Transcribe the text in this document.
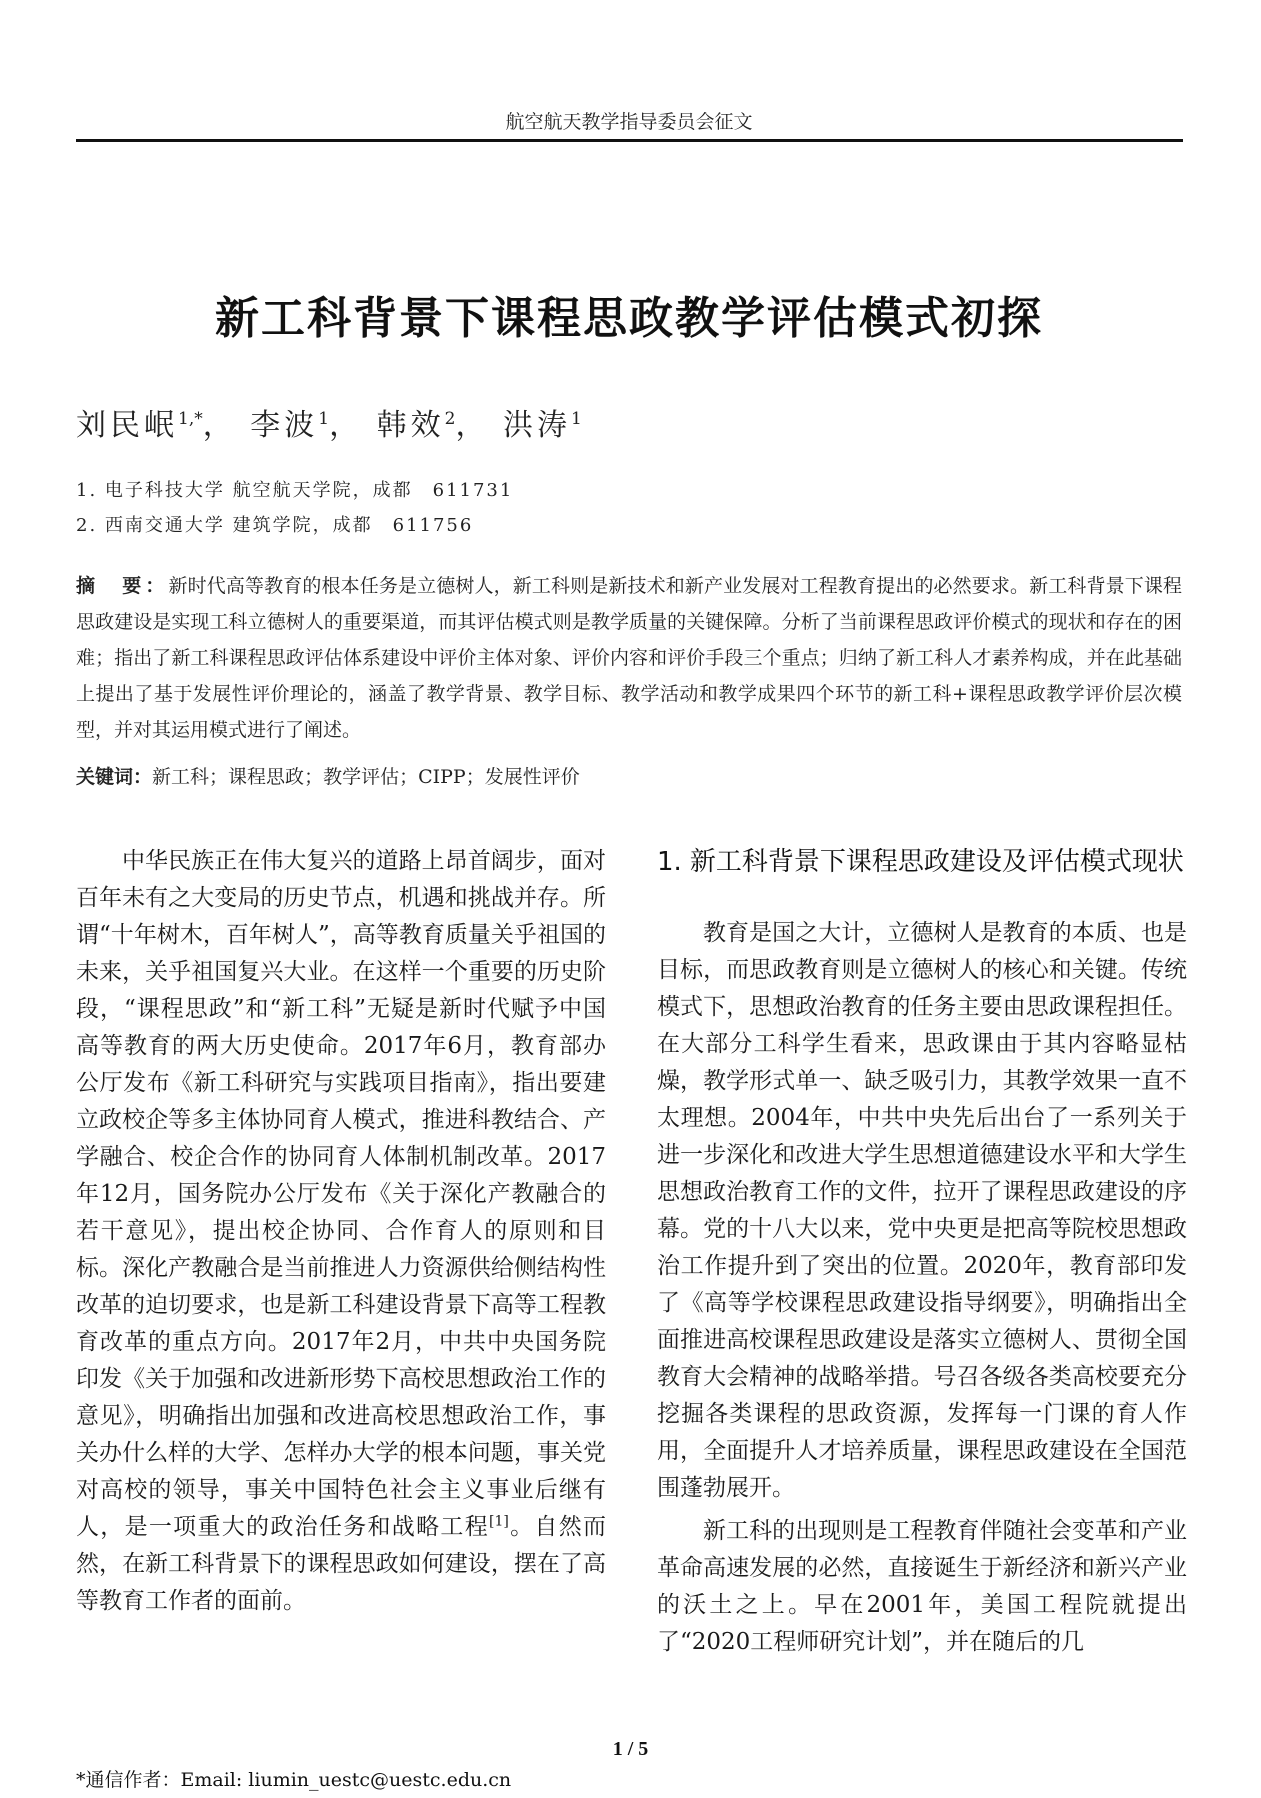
航空航天教学指导委员会征文
新工科背景下课程思政教学评估模式初探
刘民岷$^{1,*}$， 李波$^1$， 韩效$^2$， 洪涛$^1$
1. 电子科技大学 航空航天学院，成都　611731
2. 西南交通大学 建筑学院，成都　611756
摘　要：新时代高等教育的根本任务是立德树人，新工科则是新技术和新产业发展对工程教育提出的必然要求。新工科背景下课程思政建设是实现工科立德树人的重要渠道，而其评估模式则是教学质量的关键保障。分析了当前课程思政评价模式的现状和存在的困难；指出了新工科课程思政评估体系建设中评价主体对象、评价内容和评价手段三个重点；归纳了新工科人才素养构成，并在此基础上提出了基于发展性评价理论的，涵盖了教学背景、教学目标、教学活动和教学成果四个环节的新工科+课程思政教学评价层次模型，并对其运用模式进行了阐述。
关键词：新工科；课程思政；教学评估；CIPP；发展性评价

中华民族正在伟大复兴的道路上昂首阔步，面对百年未有之大变局的历史节点，机遇和挑战并存。所谓“十年树木，百年树人”，高等教育质量关乎祖国的未来，关乎祖国复兴大业。在这样一个重要的历史阶段，“课程思政”和“新工科”无疑是新时代赋予中国高等教育的两大历史使命。2017年6月，教育部办公厅发布《新工科研究与实践项目指南》，指出要建立政校企等多主体协同育人模式，推进科教结合、产学融合、校企合作的协同育人体制机制改革。2017年12月，国务院办公厅发布《关于深化产教融合的若干意见》，提出校企协同、合作育人的原则和目标。深化产教融合是当前推进人力资源供给侧结构性改革的迫切要求，也是新工科建设背景下高等工程教育改革的重点方向。2017年2月，中共中央国务院印发《关于加强和改进新形势下高校思想政治工作的意见》，明确指出加强和改进高校思想政治工作，事关办什么样的大学、怎样办大学的根本问题，事关党对高校的领导，事关中国特色社会主义事业后继有人，是一项重大的政治任务和战略工程[1]。自然而然，在新工科背景下的课程思政如何建设，摆在了高等教育工作者的面前。

1. 新工科背景下课程思政建设及评估模式现状

教育是国之大计，立德树人是教育的本质、也是目标，而思政教育则是立德树人的核心和关键。传统模式下，思想政治教育的任务主要由思政课程担任。在大部分工科学生看来，思政课由于其内容略显枯燥，教学形式单一、缺乏吸引力，其教学效果一直不太理想。2004年，中共中央先后出台了一系列关于进一步深化和改进大学生思想道德建设水平和大学生思想政治教育工作的文件，拉开了课程思政建设的序幕。党的十八大以来，党中央更是把高等院校思想政治工作提升到了突出的位置。2020年，教育部印发了《高等学校课程思政建设指导纲要》，明确指出全面推进高校课程思政建设是落实立德树人、贯彻全国教育大会精神的战略举措。号召各级各类高校要充分挖掘各类课程的思政资源，发挥每一门课的育人作用，全面提升人才培养质量，课程思政建设在全国范围蓬勃展开。

新工科的出现则是工程教育伴随社会变革和产业革命高速发展的必然，直接诞生于新经济和新兴产业的沃土之上。早在2001年，美国工程院就提出了“2020工程师研究计划”，并在随后的几

1 / 5
*通信作者：Email: liumin_uestc@uestc.edu.cn
